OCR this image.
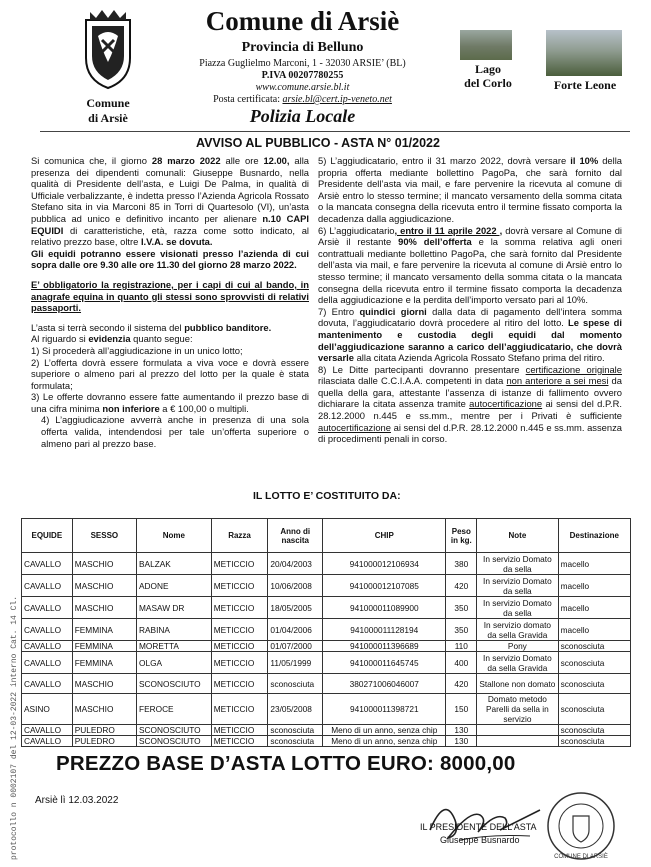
Comune
di Arsiè
Comune di Arsiè
Provincia di Belluno
Piazza Guglielmo Marconi, 1 - 32030 ARSIE’ (BL)
P.IVA 00207780255
www.comune.arsie.bl.it
Posta certificata: arsie.bl@cert.ip-veneto.net
Polizia Locale
Lago
del Corlo	Forte Leone
AVVISO AL PUBBLICO - ASTA N° 01/2022

Si comunica che, il giorno 28 marzo 2022 alle ore 12.00, alla presenza dei dipendenti comunali: Giuseppe Busnardo, nella qualità di Presidente dell’asta, e Luigi De Palma, in qualità di Ufficiale verbalizzante, è indetta presso l’Azienda Agricola Rossato Stefano sita in via Marconi 85 in Torri di Quartesolo (VI), un’asta pubblica ad unico e definitivo incanto per alienare n.10 CAPI EQUIDI di caratteristiche, età, razza come sotto indicato, al relativo prezzo base, oltre I.V.A. se dovuta.

Gli equidi potranno essere visionati presso l’azienda di cui sopra dalle ore 9.30 alle ore 11.30 del giorno 28 marzo 2022.

E’ obbligatorio la registrazione, per i capi di cui al bando, in anagrafe equina in quanto gli stessi sono sprovvisti di relativi passaporti.

L’asta si terrà secondo il sistema del pubblico banditore.

Al riguardo si evidenzia quanto segue:

1) Si procederà all’aggiudicazione in un unico lotto;

2) L’offerta dovrà essere formulata a viva voce e dovrà essere superiore o almeno pari al prezzo del lotto per la quale è stata formulata;

3) Le offerte dovranno essere fatte aumentando il prezzo base di una cifra minima non inferiore a € 100,00 o multipli.

4) L’aggiudicazione avverrà anche in presenza di una sola offerta valida, intendendosi per tale un’offerta superiore o almeno pari al prezzo base.

5) L’aggiudicatario, entro il 31 marzo 2022, dovrà versare il 10% della propria offerta mediante bollettino PagoPa, che sarà fornito dal Presidente dell’asta via mail, e fare pervenire la ricevuta al comune di Arsiè entro lo stesso termine; il mancato versamento della somma citata o la mancata consegna della ricevuta entro il termine fissato comporta la decadenza dalla aggiudicazione.

6) L’aggiudicatario, entro il 11 aprile 2022 , dovrà versare al Comune di Arsiè il restante 90% dell’offerta e la somma relativa agli oneri contrattuali mediante bollettino PagoPa, che sarà fornito dal Presidente dell’asta via mail, e fare pervenire la ricevuta al comune di Arsiè entro lo stesso termine; il mancato versamento della somma citata o la mancata consegna della ricevuta entro il termine fissato comporta la decadenza della aggiudicazione e la perdita dell’importo versato pari al 10%.

7) Entro quindici giorni dalla data di pagamento dell’intera somma dovuta, l’aggiudicatario dovrà procedere al ritiro del lotto. Le spese di mantenimento e custodia degli equidi dal momento dell’aggiudicazione saranno a carico dell’aggiudicatario, che dovrà versarle alla citata Azienda Agricola Rossato Stefano prima del ritiro.

8) Le Ditte partecipanti dovranno presentare certificazione originale rilasciata dalle C.C.I.A.A. competenti in data non anteriore a sei mesi da quella della gara, attestante l’assenza di istanze di fallimento ovvero dichiarare la citata assenza tramite autocertificazione ai sensi del d.P.R. 28.12.2000 n.445 e ss.mm., mentre per i Privati è sufficiente autocertificazione ai sensi del d.P.R. 28.12.2000 n.445 e ss.mm. assenza di procedimenti penali in corso.

protocollo n 0002107 del 12-03-2022 interno Cat. 14 Cl.
IL LOTTO E’ COSTITUITO DA:
EQUIDE	SESSO	Nome	Razza	Anno di nascita	CHIP	Peso in kg.	Note	Destinazione
CAVALLO	MASCHIO	BALZAK	METICCIO	20/04/2003	941000012106934	380	In servizio Domato da sella	macello
CAVALLO	MASCHIO	ADONE	METICCIO	10/06/2008	941000012107085	420	In servizio Domato da sella	macello
CAVALLO	MASCHIO	MASAW DR	METICCIO	18/05/2005	941000011089900	350	In servizio Domato da sella	macello
CAVALLO	FEMMINA	RABINA	METICCIO	01/04/2006	941000011128194	350	In servizio domato da sella Gravida	macello
CAVALLO	FEMMINA	MORETTA	METICCIO	01/07/2000	941000011396689	110	Pony	sconosciuta
CAVALLO	FEMMINA	OLGA	METICCIO	11/05/1999	941000011645745	400	In servizio Domato da sella Gravida	sconosciuta
CAVALLO	MASCHIO	SCONOSCIUTO	METICCIO	sconosciuta	380271006046007	420	Stallone non domato	sconosciuta
ASINO	MASCHIO	FEROCE	METICCIO	23/05/2008	941000011398721	150	Domato metodo Parelli da sella in servizio	sconosciuta
CAVALLO	PULEDRO	SCONOSCIUTO	METICCIO	sconosciuta	Meno di un anno, senza chip	130		sconosciuta
CAVALLO	PULEDRO	SCONOSCIUTO	METICCIO	sconosciuta	Meno di un anno, senza chip	130		sconosciuta
PREZZO BASE D’ASTA LOTTO EURO: 8000,00
Arsiè lì 12.03.2022
COMUNE DI ARSIÈ
IL PRESIDENTE DELL’ASTA
Giuseppe Busnardo
